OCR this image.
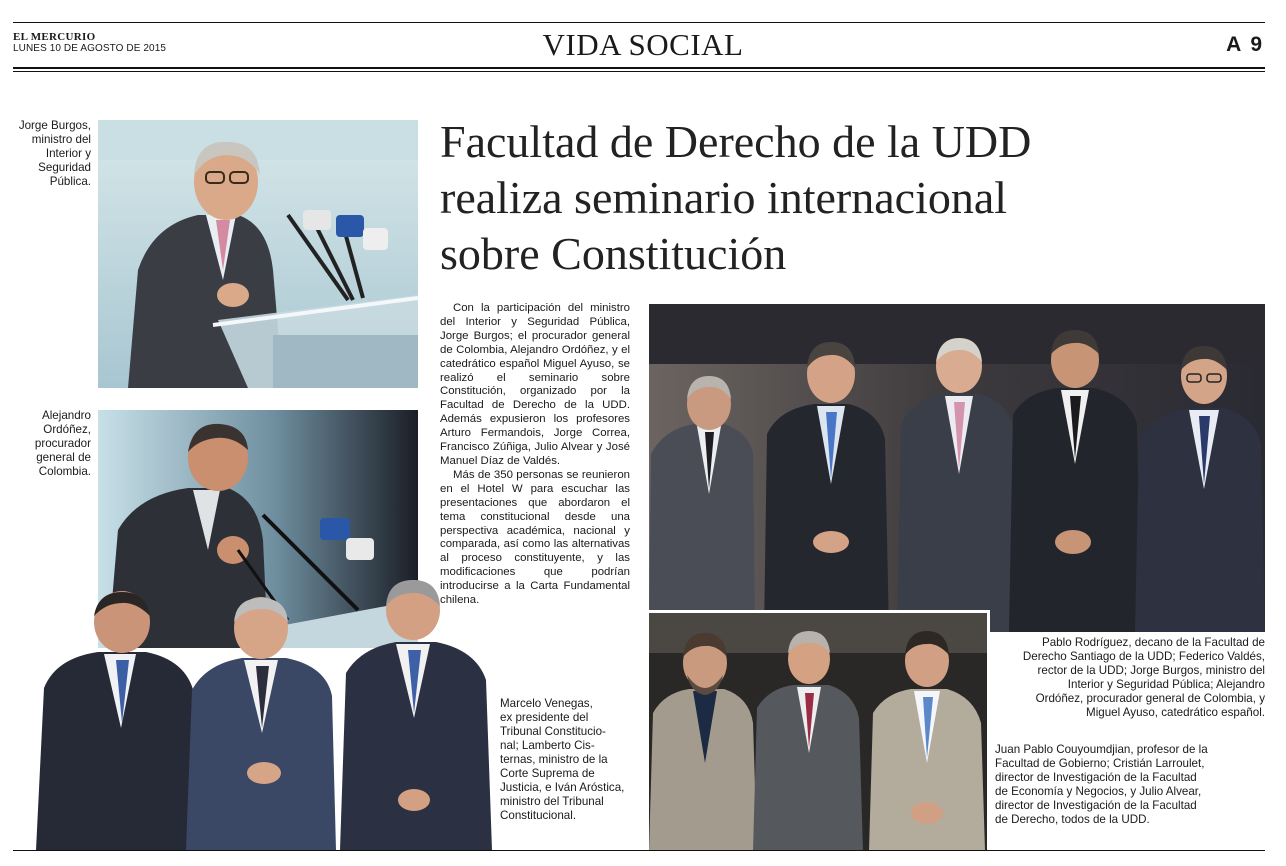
EL MERCURIO
LUNES 10 DE AGOSTO DE 2015	VIDA SOCIAL	A 9
Facultad de Derecho de la UDD
realiza seminario internacional
sobre Constitución

Con la participación del ministro del Interior y Seguridad Pública, Jorge Burgos; el procurador general de Colombia, Alejandro Ordóñez, y el catedrático español Miguel Ayuso, se realizó el seminario sobre Constitución, organizado por la Facultad de Derecho de la UDD. Además expusieron los profesores Arturo Fermandois, Jorge Correa, Francisco Zúñiga, Julio Alvear y José Manuel Díaz de Valdés.

Más de 350 personas se reunieron en el Hotel W para escuchar las presentaciones que abordaron el tema constitucional desde una perspectiva académica, nacional y comparada, así como las alternativas al proceso constituyente, y las modificaciones que podrían introducirse a la Carta Fundamental chilena.

Jorge Burgos,
ministro del
Interior y
Seguridad
Pública.
Alejandro
Ordóñez,
procurador
general de
Colombia.
Marcelo Venegas,
ex presidente del
Tribunal Constitucio-
nal; Lamberto Cis-
ternas, ministro de la
Corte Suprema de
Justicia, e Iván Aróstica,
ministro del Tribunal
Constitucional.
Pablo Rodríguez, decano de la Facultad de
Derecho Santiago de la UDD; Federico Valdés,
rector de la UDD; Jorge Burgos, ministro del
Interior y Seguridad Pública; Alejandro
Ordóñez, procurador general de Colombia, y
Miguel Ayuso, catedrático español.
Juan Pablo Couyoumdjian, profesor de la
Facultad de Gobierno; Cristián Larroulet,
director de Investigación de la Facultad
de Economía y Negocios, y Julio Alvear,
director de Investigación de la Facultad
de Derecho, todos de la UDD.
